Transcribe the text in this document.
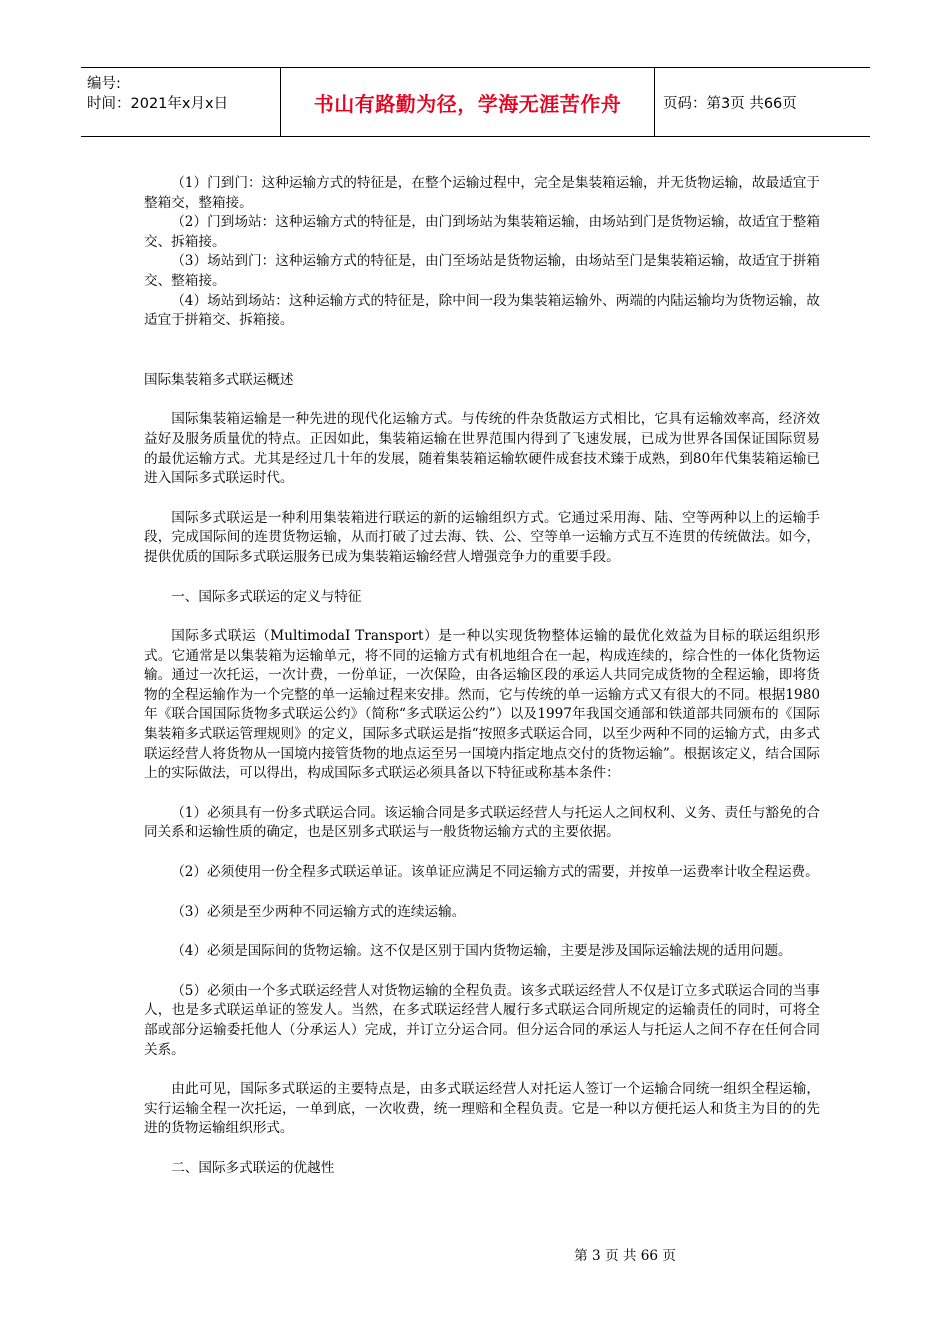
编号:
时间：2021年x月x日	书山有路勤为径，学海无涯苦作舟	页码：第3页 共66页

（1）门到门：这种运输方式的特征是，在整个运输过程中，完全是集装箱运输，并无货物运输，故最适宜于整箱交，整箱接。

（2）门到场站：这种运输方式的特征是，由门到场站为集装箱运输，由场站到门是货物运输，故适宜于整箱交、拆箱接。

（3）场站到门：这种运输方式的特征是，由门至场站是货物运输，由场站至门是集装箱运输，故适宜于拼箱交、整箱接。

（4）场站到场站：这种运输方式的特征是，除中间一段为集装箱运输外、两端的内陆运输均为货物运输，故适宜于拼箱交、拆箱接。

国际集装箱多式联运概述

国际集装箱运输是一种先进的现代化运输方式。与传统的件杂货散运方式相比，它具有运输效率高，经济效益好及服务质量优的特点。正因如此，集装箱运输在世界范围内得到了飞速发展，已成为世界各国保证国际贸易的最优运输方式。尤其是经过几十年的发展，随着集装箱运输软硬件成套技术臻于成熟，到80年代集装箱运输已进入国际多式联运时代。

国际多式联运是一种利用集装箱进行联运的新的运输组织方式。它通过采用海、陆、空等两种以上的运输手段，完成国际间的连贯货物运输，从而打破了过去海、铁、公、空等单一运输方式互不连贯的传统做法。如今，提供优质的国际多式联运服务已成为集装箱运输经营人增强竞争力的重要手段。

一、国际多式联运的定义与特征

国际多式联运（MultimodaI Transport）是一种以实现货物整体运输的最优化效益为目标的联运组织形式。它通常是以集装箱为运输单元，将不同的运输方式有机地组合在一起，构成连续的，综合性的一体化货物运输。通过一次托运，一次计费，一份单证，一次保险，由各运输区段的承运人共同完成货物的全程运输，即将货物的全程运输作为一个完整的单一运输过程来安排。然而，它与传统的单一运输方式又有很大的不同。根据1980年《联合国国际货物多式联运公约》（简称“多式联运公约”）以及1997年我国交通部和铁道部共同颁布的《国际集装箱多式联运管理规则》的定义，国际多式联运是指“按照多式联运合同，以至少两种不同的运输方式，由多式联运经营人将货物从一国境内接管货物的地点运至另一国境内指定地点交付的货物运输”。根据该定义，结合国际上的实际做法，可以得出，构成国际多式联运必须具备以下特征或称基本条件：

（1）必须具有一份多式联运合同。该运输合同是多式联运经营人与托运人之间权利、义务、责任与豁免的合同关系和运输性质的确定，也是区别多式联运与一般货物运输方式的主要依据。

（2）必须使用一份全程多式联运单证。该单证应满足不同运输方式的需要，并按单一运费率计收全程运费。

（3）必须是至少两种不同运输方式的连续运输。

（4）必须是国际间的货物运输。这不仅是区别于国内货物运输，主要是涉及国际运输法规的适用问题。

（5）必须由一个多式联运经营人对货物运输的全程负责。该多式联运经营人不仅是订立多式联运合同的当事人，也是多式联运单证的签发人。当然，在多式联运经营人履行多式联运合同所规定的运输责任的同时，可将全部或部分运输委托他人（分承运人）完成，并订立分运合同。但分运合同的承运人与托运人之间不存在任何合同关系。

由此可见，国际多式联运的主要特点是，由多式联运经营人对托运人签订一个运输合同统一组织全程运输，实行运输全程一次托运，一单到底，一次收费，统一理赔和全程负责。它是一种以方便托运人和货主为目的的先进的货物运输组织形式。

二、国际多式联运的优越性

第 3 页 共 66 页
